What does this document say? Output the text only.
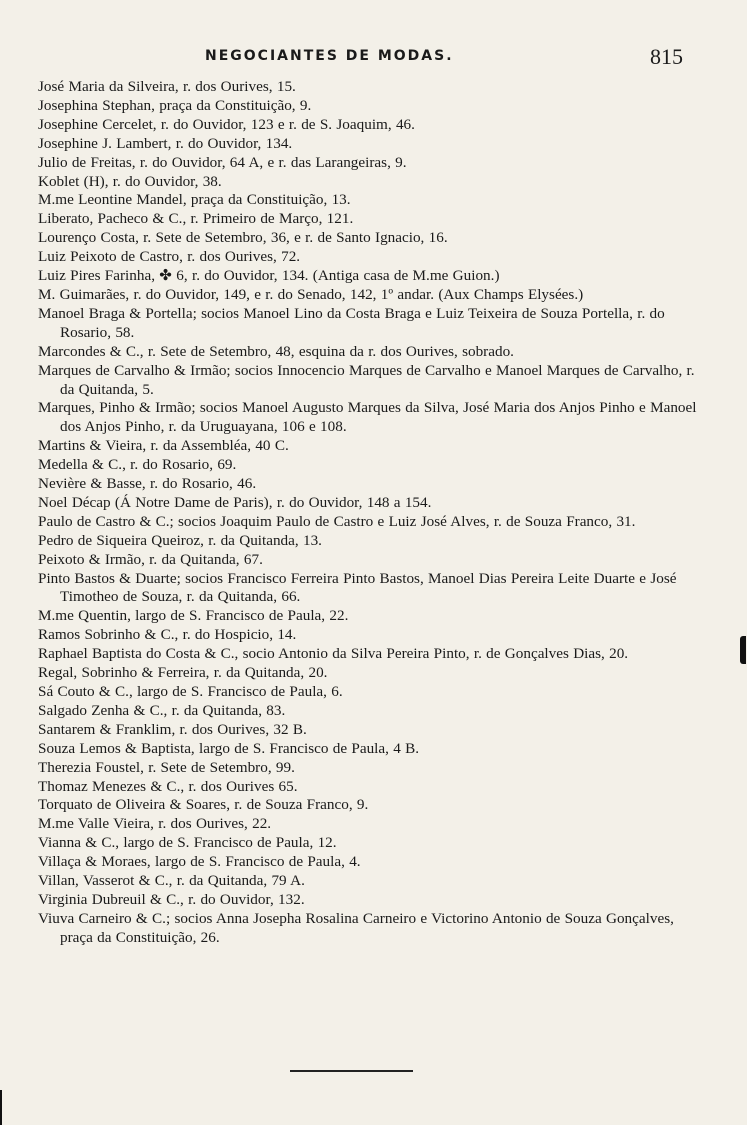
NEGOCIANTES DE MODAS.	815
José Maria da Silveira, r. dos Ourives, 15.
Josephina Stephan, praça da Constituição, 9.
Josephine Cercelet, r. do Ouvidor, 123 e r. de S. Joaquim, 46.
Josephine J. Lambert, r. do Ouvidor, 134.
Julio de Freitas, r. do Ouvidor, 64 A, e r. das Larangeiras, 9.
Koblet (H), r. do Ouvidor, 38.
M.me Leontine Mandel, praça da Constituição, 13.
Liberato, Pacheco & C., r. Primeiro de Março, 121.
Lourenço Costa, r. Sete de Setembro, 36, e r. de Santo Ignacio, 16.
Luiz Peixoto de Castro, r. dos Ourives, 72.
Luiz Pires Farinha, ✤ 6, r. do Ouvidor, 134. (Antiga casa de M.me Guion.)
M. Guimarães, r. do Ouvidor, 149, e r. do Senado, 142, 1º andar. (Aux Champs Elysées.)
Manoel Braga & Portella; socios Manoel Lino da Costa Braga e Luiz Teixeira de Souza Portella, r. do Rosario, 58.
Marcondes & C., r. Sete de Setembro, 48, esquina da r. dos Ourives, sobrado.
Marques de Carvalho & Irmão; socios Innocencio Marques de Carvalho e Manoel Marques de Carvalho, r. da Quitanda, 5.
Marques, Pinho & Irmão; socios Manoel Augusto Marques da Silva, José Maria dos Anjos Pinho e Manoel dos Anjos Pinho, r. da Uruguayana, 106 e 108.
Martins & Vieira, r. da Assembléa, 40 C.
Medella & C., r. do Rosario, 69.
Nevière & Basse, r. do Rosario, 46.
Noel Décap (Á Notre Dame de Paris), r. do Ouvidor, 148 a 154.
Paulo de Castro & C.; socios Joaquim Paulo de Castro e Luiz José Alves, r. de Souza Franco, 31.
Pedro de Siqueira Queiroz, r. da Quitanda, 13.
Peixoto & Irmão, r. da Quitanda, 67.
Pinto Bastos & Duarte; socios Francisco Ferreira Pinto Bastos, Manoel Dias Pereira Leite Duarte e José Timotheo de Souza, r. da Quitanda, 66.
M.me Quentin, largo de S. Francisco de Paula, 22.
Ramos Sobrinho & C., r. do Hospicio, 14.
Raphael Baptista do Costa & C., socio Antonio da Silva Pereira Pinto, r. de Gonçalves Dias, 20.
Regal, Sobrinho & Ferreira, r. da Quitanda, 20.
Sá Couto & C., largo de S. Francisco de Paula, 6.
Salgado Zenha & C., r. da Quitanda, 83.
Santarem & Franklim, r. dos Ourives, 32 B.
Souza Lemos & Baptista, largo de S. Francisco de Paula, 4 B.
Therezia Foustel, r. Sete de Setembro, 99.
Thomaz Menezes & C., r. dos Ourives 65.
Torquato de Oliveira & Soares, r. de Souza Franco, 9.
M.me Valle Vieira, r. dos Ourives, 22.
Vianna & C., largo de S. Francisco de Paula, 12.
Villaça & Moraes, largo de S. Francisco de Paula, 4.
Villan, Vasserot & C., r. da Quitanda, 79 A.
Virginia Dubreuil & C., r. do Ouvidor, 132.
Viuva Carneiro & C.; socios Anna Josepha Rosalina Carneiro e Victorino Antonio de Souza Gonçalves, praça da Constituição, 26.
